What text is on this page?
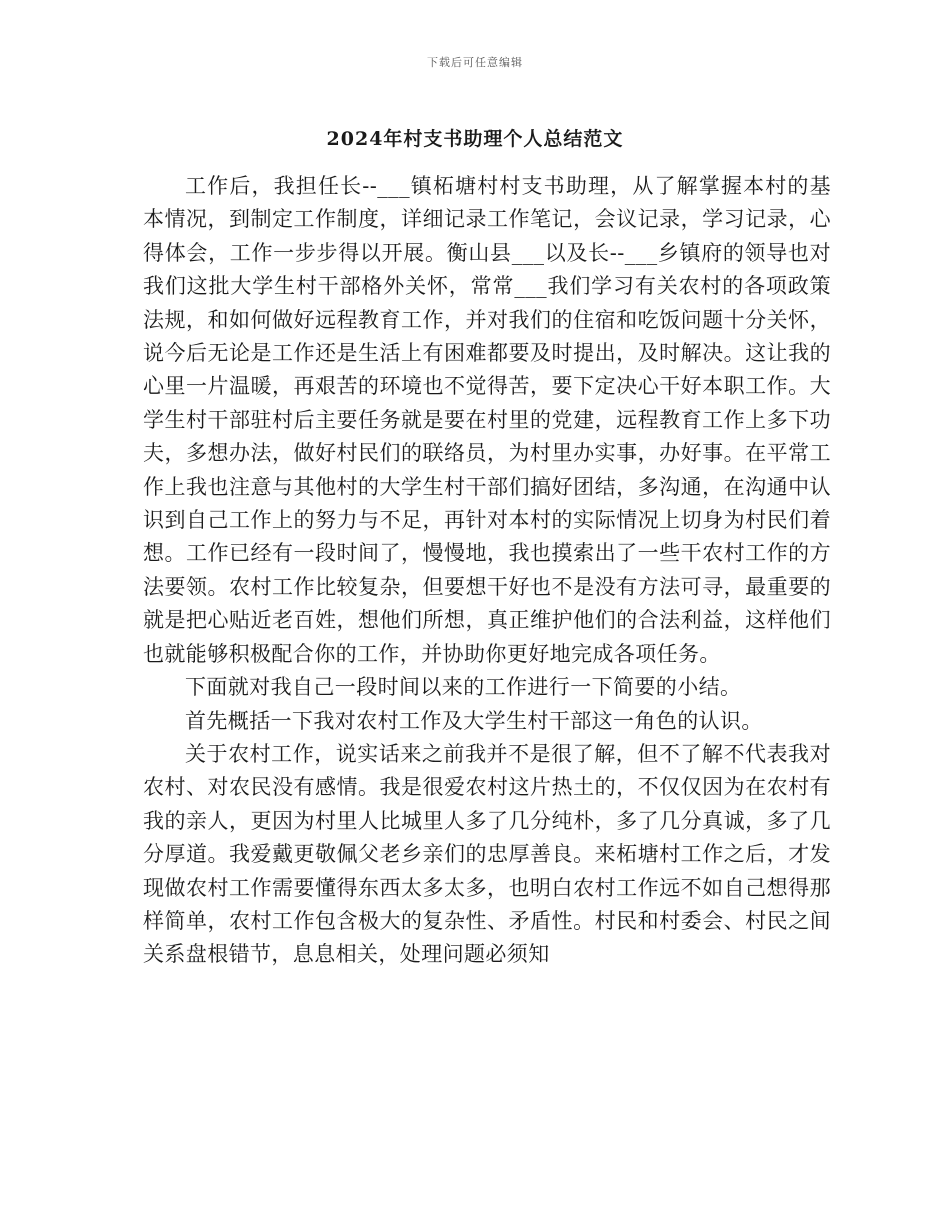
下载后可任意编辑
2024年村支书助理个人总结范文

工作后，我担任长--___镇柘塘村村支书助理，从了解掌握本村的基本情况，到制定工作制度，详细记录工作笔记，会议记录，学习记录，心得体会，工作一步步得以开展。衡山县___以及长--___乡镇府的领导也对我们这批大学生村干部格外关怀，常常___我们学习有关农村的各项政策法规，和如何做好远程教育工作，并对我们的住宿和吃饭问题十分关怀，说今后无论是工作还是生活上有困难都要及时提出，及时解决。这让我的心里一片温暖，再艰苦的环境也不觉得苦，要下定决心干好本职工作。大学生村干部驻村后主要任务就是要在村里的党建，远程教育工作上多下功夫，多想办法，做好村民们的联络员，为村里办实事，办好事。在平常工作上我也注意与其他村的大学生村干部们搞好团结，多沟通，在沟通中认识到自己工作上的努力与不足，再针对本村的实际情况上切身为村民们着想。工作已经有一段时间了，慢慢地，我也摸索出了一些干农村工作的方法要领。农村工作比较复杂，但要想干好也不是没有方法可寻，最重要的就是把心贴近老百姓，想他们所想，真正维护他们的合法利益，这样他们也就能够积极配合你的工作，并协助你更好地完成各项任务。

下面就对我自己一段时间以来的工作进行一下简要的小结。

首先概括一下我对农村工作及大学生村干部这一角色的认识。

关于农村工作，说实话来之前我并不是很了解，但不了解不代表我对农村、对农民没有感情。我是很爱农村这片热土的，不仅仅因为在农村有我的亲人，更因为村里人比城里人多了几分纯朴，多了几分真诚，多了几分厚道。我爱戴更敬佩父老乡亲们的忠厚善良。来柘塘村工作之后，才发现做农村工作需要懂得东西太多太多，也明白农村工作远不如自己想得那样简单，农村工作包含极大的复杂性、矛盾性。村民和村委会、村民之间关系盘根错节，息息相关，处理问题必须知
